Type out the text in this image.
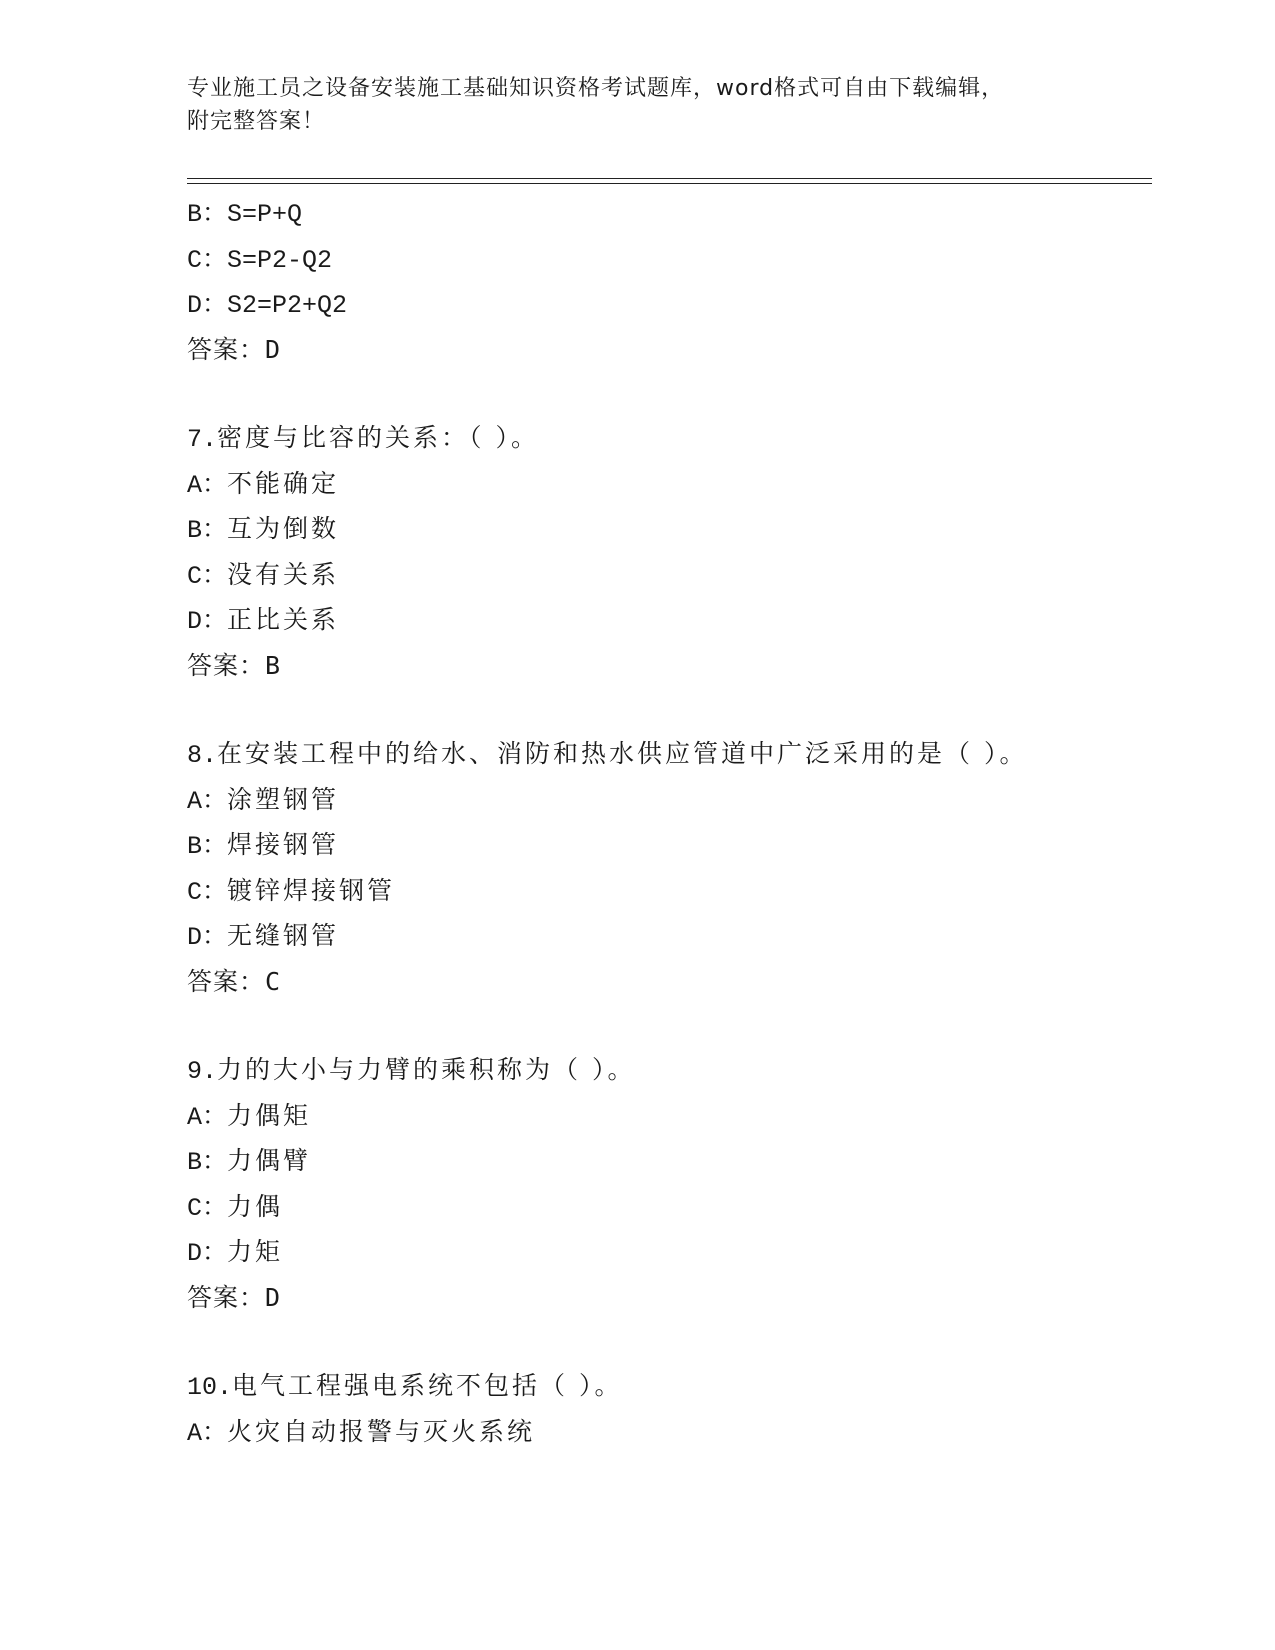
专业施工员之设备安装施工基础知识资格考试题库，word格式可自由下载编辑，
附完整答案！
B：S=P+Q
C：S=P2-Q2
D：S2=P2+Q2
答案：D
7.密度与比容的关系：（ ）。
A：不能确定
B：互为倒数
C：没有关系
D：正比关系
答案：B
8.在安装工程中的给水、消防和热水供应管道中广泛采用的是（ ）。
A：涂塑钢管
B：焊接钢管
C：镀锌焊接钢管
D：无缝钢管
答案：C
9.力的大小与力臂的乘积称为（ ）。
A：力偶矩
B：力偶臂
C：力偶
D：力矩
答案：D
10.电气工程强电系统不包括（ ）。
A：火灾自动报警与灭火系统
